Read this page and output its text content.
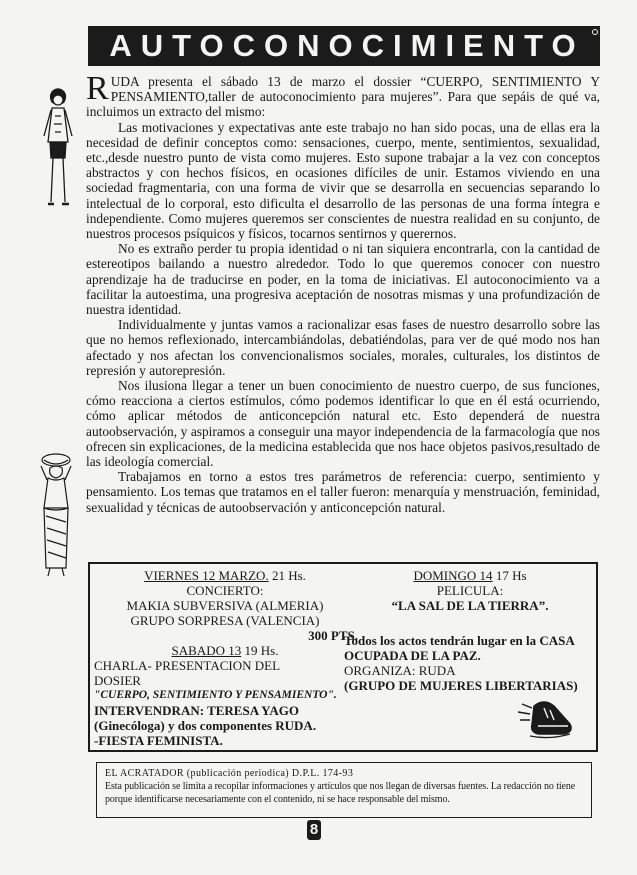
AUTOCONOCIMIENTO

RUDA presenta el sábado 13 de marzo el dossier “CUERPO, SENTIMIENTO Y PENSAMIENTO,taller de autoconocimiento para mujeres”. Para que sepáis de qué va, incluimos un extracto del mismo:

Las motivaciones y expectativas ante este trabajo no han sido pocas, una de ellas era la necesidad de definir conceptos como: sensaciones, cuerpo, mente, sentimientos, sexualidad, etc.,desde nuestro punto de vista como mujeres. Esto supone trabajar a la vez con conceptos abstractos y con hechos físicos, en ocasiones difíciles de unir. Estamos viviendo en una sociedad fragmentaria, con una forma de vivir que se desarrolla en secuencias separando lo intelectual de lo corporal, esto dificulta el desarrollo de las personas de una forma íntegra e independiente. Como mujeres queremos ser conscientes de nuestra realidad en su conjunto, de nuestros procesos psíquicos y físicos, tocarnos sentirnos y querernos.

No es extraño perder tu propia identidad o ni tan siquiera encontrarla, con la cantidad de estereotipos bailando a nuestro alrededor. Todo lo que queremos conocer con nuestro aprendizaje ha de traducirse en poder, en la toma de iniciativas. El autoconocimiento va a facilitar la autoestima, una progresiva aceptación de nosotras mismas y una profundización de nuestra identidad.

Individualmente y juntas vamos a racionalizar esas fases de nuestro desarrollo sobre las que no hemos reflexionado, intercambiándolas, debatiéndolas, para ver de qué modo nos han afectado y nos afectan los convencionalismos sociales, morales, culturales, los distintos de represión y autorepresión.

Nos ilusiona llegar a tener un buen conocimiento de nuestro cuerpo, de sus funciones, cómo reacciona a ciertos estímulos, cómo podemos identificar lo que en él está ocurriendo, cómo aplicar métodos de anticoncepción natural etc. Esto dependerá de nuestra autoobservación, y aspiramos a conseguir una mayor independencia de la farmacología que nos ofrecen sin explicaciones, de la medicina establecida que nos hace objetos pasivos,resultado de las ideología comercial.

Trabajamos en torno a estos tres parámetros de referencia: cuerpo, sentimiento y pensamiento. Los temas que tratamos en el taller fueron: menarquía y menstruación, feminidad, sexualidad y técnicas de autoobservación y anticoncepción natural.

VIERNES 12 MARZO. 21 Hs.
CONCIERTO:
MAKIA SUBVERSIVA (ALMERIA)
GRUPO SORPRESA (VALENCIA)
300 PTS.
SABADO 13 19 Hs.
CHARLA- PRESENTACION DEL
DOSIER
"CUERPO, SENTIMIENTO Y PENSAMIENTO".
INTERVENDRAN: TERESA YAGO
(Ginecóloga) y dos componentes RUDA.
-FIESTA FEMINISTA.
DOMINGO 14 17 Hs
PELICULA:
“LA SAL DE LA TIERRA”.
Todos los actos tendrán lugar en la CASA
OCUPADA DE LA PAZ.
ORGANIZA: RUDA
(GRUPO DE MUJERES LIBERTARIAS)
EL ACRATADOR (publicación periodica) D.P.L. 174-93
Esta publicación se limita a recopilar informaciones y artículos que nos llegan de diversas fuentes. La redacción no tiene porque identificarse necesariamente con el contenido, ni se hace responsable del mismo.
8
